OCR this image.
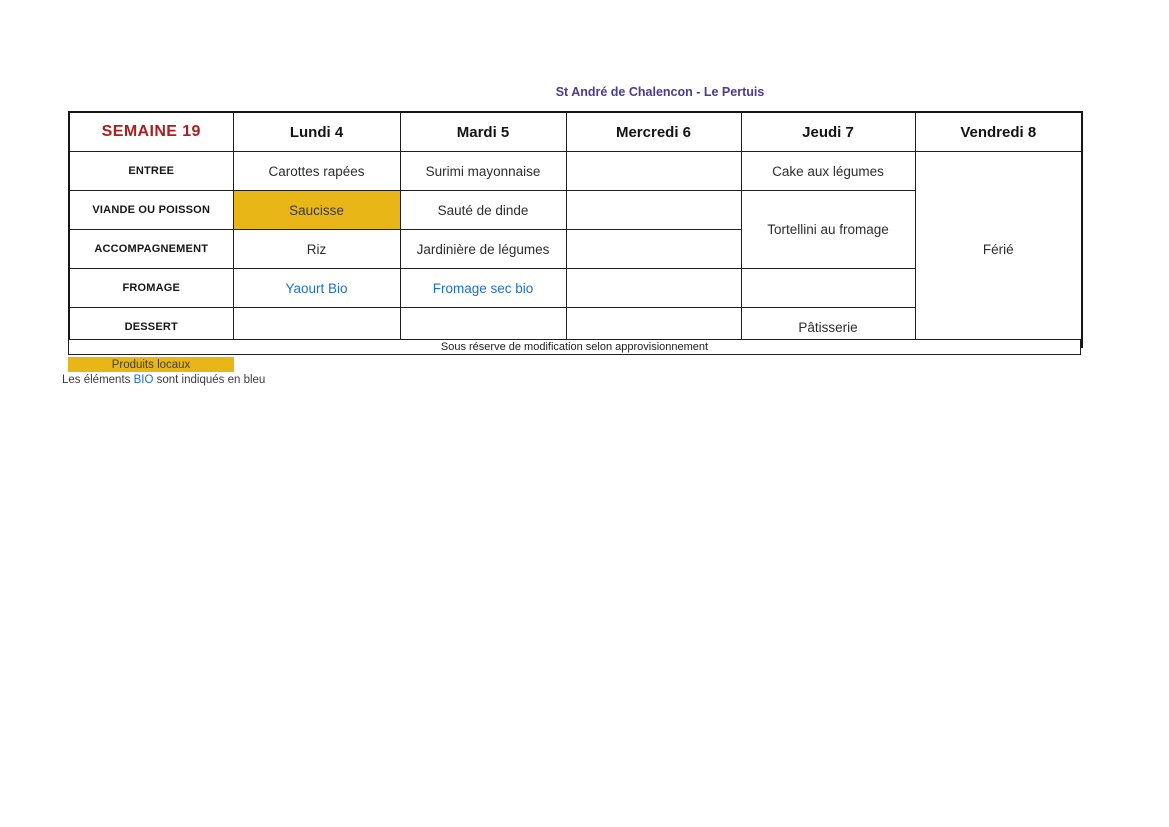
St André de Chalencon - Le Pertuis
SEMAINE 19	Lundi 4	Mardi 5	Mercredi 6	Jeudi 7	Vendredi 8
ENTREE	Carottes rapées	Surimi mayonnaise		Cake aux légumes	Férié
VIANDE OU POISSON	Saucisse	Sauté de dinde		Tortellini au fromage	
ACCOMPAGNEMENT	Riz	Jardinière de légumes			
FROMAGE	Yaourt Bio	Fromage sec bio			
DESSERT				Pâtisserie	
Sous réserve de modification selon approvisionnement
Produits locaux
Les éléments BIO sont indiqués en bleu
